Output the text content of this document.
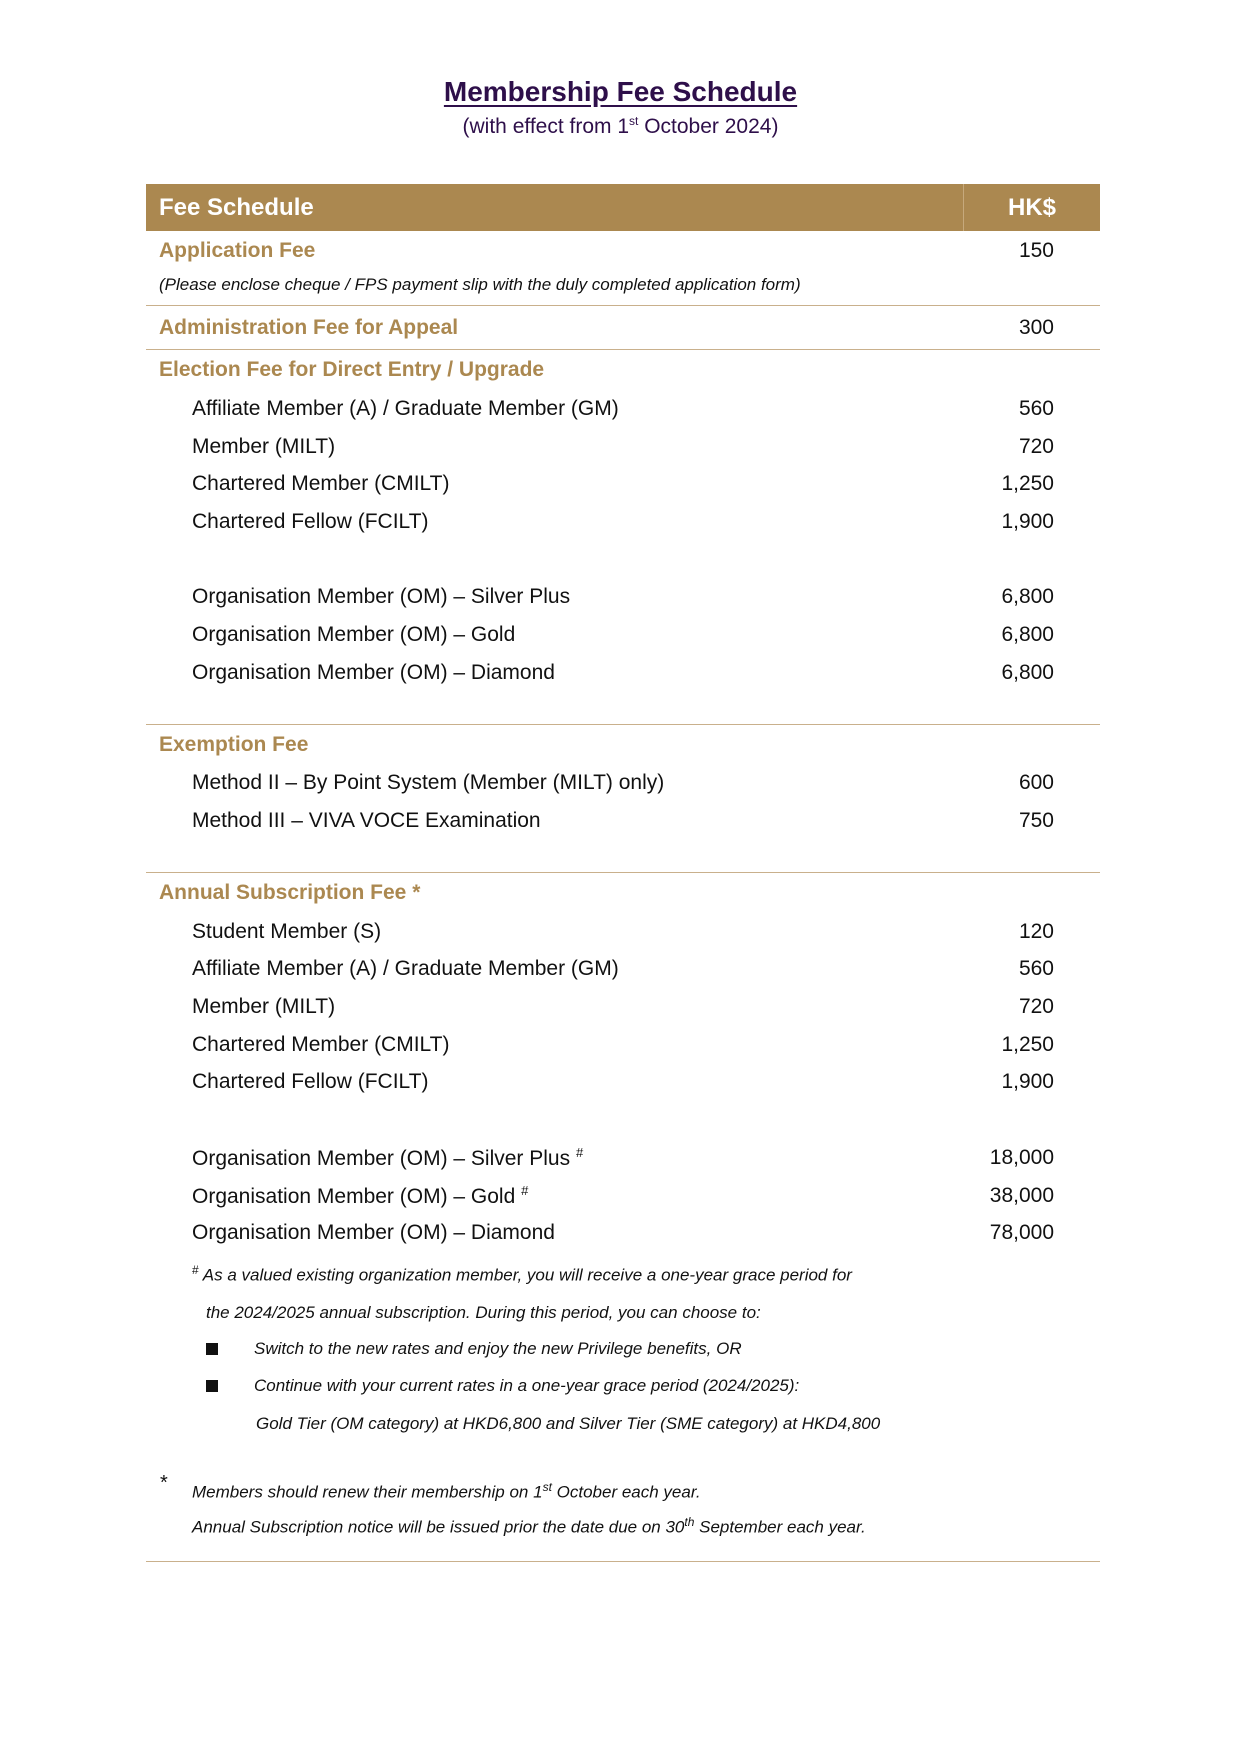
Membership Fee Schedule
(with effect from 1st October 2024)
Fee Schedule	HK$
Application Fee	150
(Please enclose cheque / FPS payment slip with the duly completed application form)
Administration Fee for Appeal	300
Election Fee for Direct Entry / Upgrade
Affiliate Member (A) / Graduate Member (GM)	560
Member (MILT)	720
Chartered Member (CMILT)	1,250
Chartered Fellow (FCILT)	1,900
Organisation Member (OM) – Silver Plus	6,800
Organisation Member (OM) – Gold	6,800
Organisation Member (OM) – Diamond	6,800
Exemption Fee
Method II – By Point System (Member (MILT) only)	600
Method III – VIVA VOCE Examination	750
Annual Subscription Fee *
Student Member (S)	120
Affiliate Member (A) / Graduate Member (GM)	560
Member (MILT)	720
Chartered Member (CMILT)	1,250
Chartered Fellow (FCILT)	1,900
Organisation Member (OM) – Silver Plus #	18,000
Organisation Member (OM) – Gold #	38,000
Organisation Member (OM) – Diamond	78,000
# As a valued existing organization member, you will receive a one-year grace period for
the 2024/2025 annual subscription. During this period, you can choose to:
Switch to the new rates and enjoy the new Privilege benefits, OR
Continue with your current rates in a one-year grace period (2024/2025):
Gold Tier (OM category) at HKD6,800 and Silver Tier (SME category) at HKD4,800
*	Members should renew their membership on 1st October each year.
Annual Subscription notice will be issued prior the date due on 30th September each year.
